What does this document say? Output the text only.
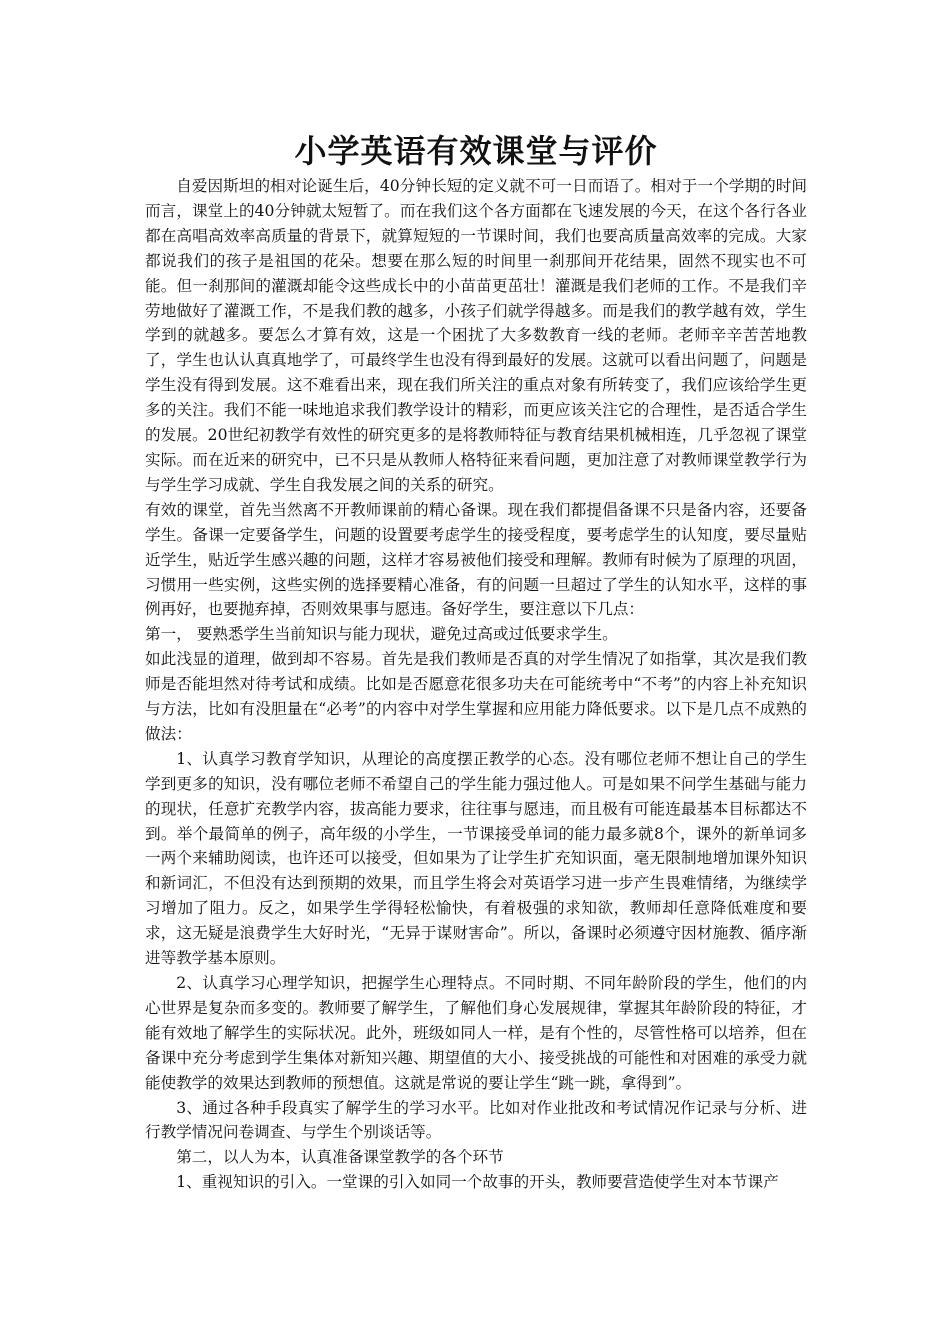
小学英语有效课堂与评价

自爱因斯坦的相对论诞生后，40分钟长短的定义就不可一日而语了。相对于一个学期的时间而言，课堂上的40分钟就太短暂了。而在我们这个各方面都在飞速发展的今天，在这个各行各业都在高唱高效率高质量的背景下，就算短短的一节课时间，我们也要高质量高效率的完成。大家都说我们的孩子是祖国的花朵。想要在那么短的时间里一刹那间开花结果，固然不现实也不可能。但一刹那间的灌溉却能令这些成长中的小苗苗更茁壮！灌溉是我们老师的工作。不是我们辛劳地做好了灌溉工作，不是我们教的越多，小孩子们就学得越多。而是我们的教学越有效，学生学到的就越多。要怎么才算有效，这是一个困扰了大多数教育一线的老师。老师辛辛苦苦地教了，学生也认认真真地学了，可最终学生也没有得到最好的发展。这就可以看出问题了，问题是学生没有得到发展。这不难看出来，现在我们所关注的重点对象有所转变了，我们应该给学生更多的关注。我们不能一味地追求我们教学设计的精彩，而更应该关注它的合理性，是否适合学生的发展。20世纪初教学有效性的研究更多的是将教师特征与教育结果机械相连，几乎忽视了课堂实际。而在近来的研究中，已不只是从教师人格特征来看问题，更加注意了对教师课堂教学行为与学生学习成就、学生自我发展之间的关系的研究。

有效的课堂，首先当然离不开教师课前的精心备课。现在我们都提倡备课不只是备内容，还要备学生。备课一定要备学生，问题的设置要考虑学生的接受程度，要考虑学生的认知度，要尽量贴近学生，贴近学生感兴趣的问题，这样才容易被他们接受和理解。教师有时候为了原理的巩固，习惯用一些实例，这些实例的选择要精心准备，有的问题一旦超过了学生的认知水平，这样的事例再好，也要抛弃掉，否则效果事与愿违。备好学生，要注意以下几点：

第一， 要熟悉学生当前知识与能力现状，避免过高或过低要求学生。

如此浅显的道理，做到却不容易。首先是我们教师是否真的对学生情况了如指掌，其次是我们教师是否能坦然对待考试和成绩。比如是否愿意花很多功夫在可能统考中“不考”的内容上补充知识与方法，比如有没胆量在“必考”的内容中对学生掌握和应用能力降低要求。以下是几点不成熟的做法：

1、认真学习教育学知识，从理论的高度摆正教学的心态。没有哪位老师不想让自己的学生学到更多的知识，没有哪位老师不希望自己的学生能力强过他人。可是如果不问学生基础与能力的现状，任意扩充教学内容，拔高能力要求，往往事与愿违，而且极有可能连最基本目标都达不到。举个最简单的例子，高年级的小学生，一节课接受单词的能力最多就8个，课外的新单词多一两个来辅助阅读，也许还可以接受，但如果为了让学生扩充知识面，毫无限制地增加课外知识和新词汇，不但没有达到预期的效果，而且学生将会对英语学习进一步产生畏难情绪，为继续学习增加了阻力。反之，如果学生学得轻松愉快，有着极强的求知欲，教师却任意降低难度和要求，这无疑是浪费学生大好时光，“无异于谋财害命”。所以，备课时必须遵守因材施教、循序渐进等教学基本原则。

2、认真学习心理学知识，把握学生心理特点。不同时期、不同年龄阶段的学生，他们的内心世界是复杂而多变的。教师要了解学生，了解他们身心发展规律，掌握其年龄阶段的特征，才能有效地了解学生的实际状况。此外，班级如同人一样，是有个性的，尽管性格可以培养，但在备课中充分考虑到学生集体对新知兴趣、期望值的大小、接受挑战的可能性和对困难的承受力就能使教学的效果达到教师的预想值。这就是常说的要让学生“跳一跳，拿得到”。

3、通过各种手段真实了解学生的学习水平。比如对作业批改和考试情况作记录与分析、进行教学情况问卷调查、与学生个别谈话等。

第二，以人为本，认真准备课堂教学的各个环节

1、重视知识的引入。一堂课的引入如同一个故事的开头，教师要营造使学生对本节课产
